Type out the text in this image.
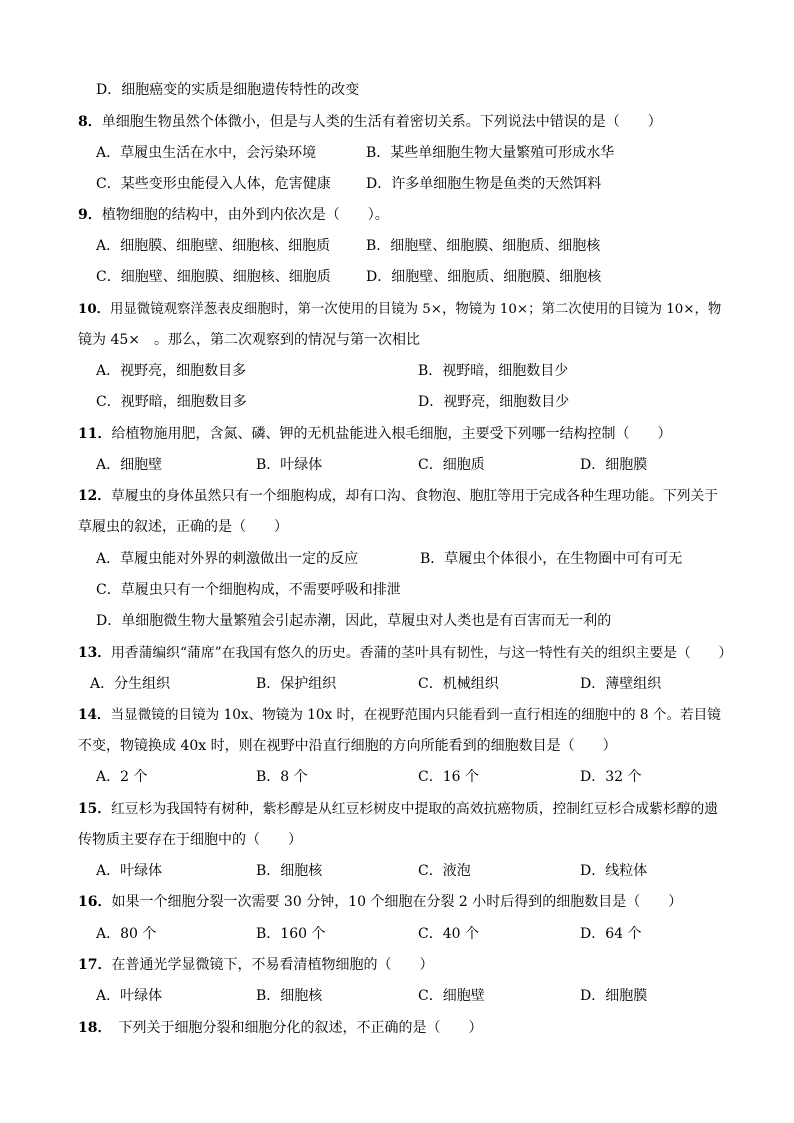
D．细胞癌变的实质是细胞遗传特性的改变
8．单细胞生物虽然个体微小，但是与人类的生活有着密切关系。下列说法中错误的是（　　）
A．草履虫生活在水中，会污染环境	B．某些单细胞生物大量繁殖可形成水华
C．某些变形虫能侵入人体，危害健康	D．许多单细胞生物是鱼类的天然饵料
9．植物细胞的结构中，由外到内依次是（　　）。
A．细胞膜、细胞壁、细胞核、细胞质	B．细胞壁、细胞膜、细胞质、细胞核
C．细胞壁、细胞膜、细胞核、细胞质	D．细胞壁、细胞质、细胞膜、细胞核
10．用显微镜观察洋葱表皮细胞时，第一次使用的目镜为 5×，物镜为 10×；第二次使用的目镜为 10×，物
镜为 45×　。那么，第二次观察到的情况与第一次相比
A．视野亮，细胞数目多	B．视野暗，细胞数目少
C．视野暗，细胞数目多	D．视野亮，细胞数目少
11．给植物施用肥，含氮、磷、钾的无机盐能进入根毛细胞，主要受下列哪一结构控制（　　）
A．细胞壁	B．叶绿体	C．细胞质	D．细胞膜
12．草履虫的身体虽然只有一个细胞构成，却有口沟、食物泡、胞肛等用于完成各种生理功能。下列关于
草履虫的叙述，正确的是（　　）
A．草履虫能对外界的刺激做出一定的反应	B．草履虫个体很小，在生物圈中可有可无
C．草履虫只有一个细胞构成，不需要呼吸和排泄
D．单细胞微生物大量繁殖会引起赤潮，因此，草履虫对人类也是有百害而无一利的
13．用香蒲编织“蒲席”在我国有悠久的历史。香蒲的茎叶具有韧性，与这一特性有关的组织主要是（　　）
A．分生组织	B．保护组织	C．机械组织	D．薄壁组织
14．当显微镜的目镜为 10x、物镜为 10x 时，在视野范围内只能看到一直行相连的细胞中的 8 个。若目镜
不变，物镜换成 40x 时，则在视野中沿直行细胞的方向所能看到的细胞数目是（　　）
A．2 个	B．8 个	C．16 个	D．32 个
15．红豆杉为我国特有树种，紫杉醇是从红豆杉树皮中提取的高效抗癌物质，控制红豆杉合成紫杉醇的遗
传物质主要存在于细胞中的（　　）
A．叶绿体	B．细胞核	C．液泡	D．线粒体
16．如果一个细胞分裂一次需要 30 分钟，10 个细胞在分裂 2 小时后得到的细胞数目是（　　）
A．80 个	B．160 个	C．40 个	D．64 个
17．在普通光学显微镜下，不易看清植物细胞的（　　）
A．叶绿体	B．细胞核	C．细胞壁	D．细胞膜
18．　下列关于细胞分裂和细胞分化的叙述，不正确的是（　　）
